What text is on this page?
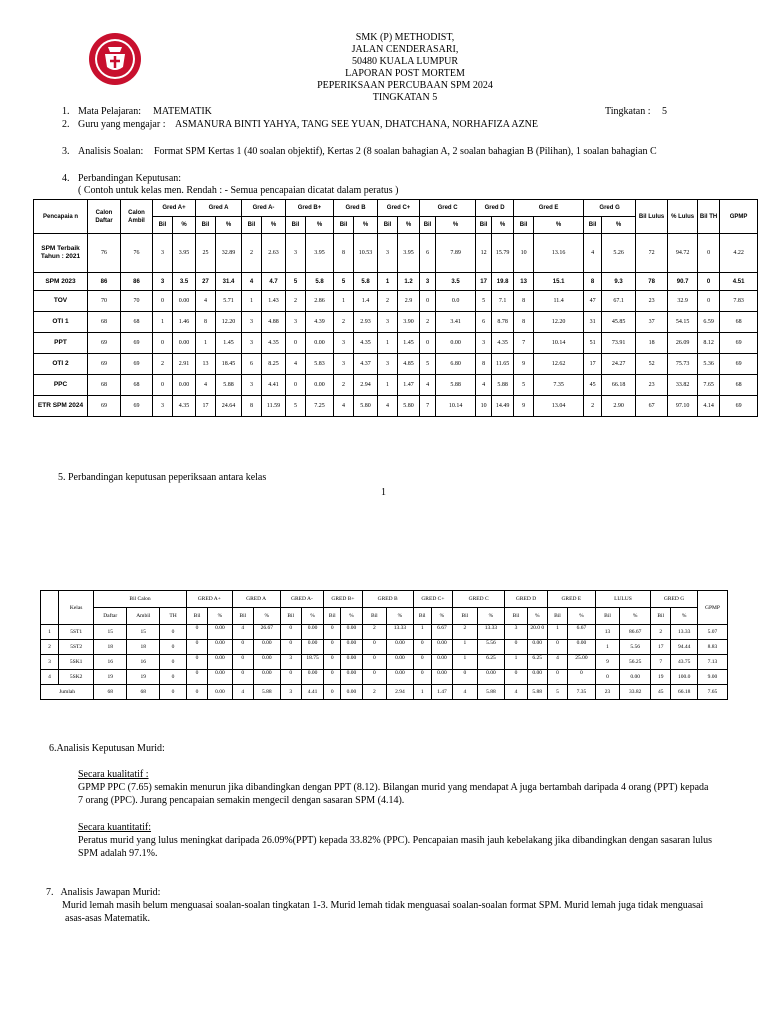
SMK (P) METHODIST,
JALAN CENDERASARI,
50480 KUALA LUMPUR
LAPORAN POST MORTEM
PEPERIKSAAN PERCUBAAN SPM 2024
TINGKATAN 5
1. Mata Pelajaran: MATEMATIK	Tingkatan : 5
2. Guru yang mengajar : ASMANURA BINTI YAHYA, TANG SEE YUAN, DHATCHANA, NORHAFIZA AZNE
3. Analisis Soalan: Format SPM Kertas 1 (40 soalan objektif), Kertas 2 (8 soalan bahagian A, 2 soalan bahagian B (Pilihan), 1 soalan bahagian C
4. Perbandingan Keputusan:
( Contoh untuk kelas men. Rendah : - Semua pencapaian dicatat dalam peratus )
Pencapaia n	Calon Daftar	Calon Ambil	Gred A+		Gred A		Gred A-		Gred B+		Gred B		Gred C+		Gred C		Gred D		Gred E		Gred G		Bil Lulus	% Lulus	Bil TH	GPMP
			Bil	%	Bil	%	Bil	%	Bil	%	Bil	%	Bil	%	Bil	%	Bil	%	Bil	%	Bil	%				
SPM Terbaik Tahun : 2021	76	76	3	3.95	25	32.89	2	2.63	3	3.95	8	10.53	3	3.95	6	7.89	12	15.79	10	13.16	4	5.26	72	94.72	0	4.22
SPM 2023	86	86	3	3.5	27	31.4	4	4.7	5	5.8	5	5.8	1	1.2	3	3.5	17	19.8	13	15.1	8	9.3	78	90.7	0	4.51
TOV	70	70	0	0.00	4	5.71	1	1.43	2	2.86	1	1.4	2	2.9	0	0.0	5	7.1	8	11.4	47	67.1	23	32.9	0	7.83
OTI 1	68	68	1	1.46	8	12.20	3	4.88	3	4.39	2	2.93	3	3.90	2	3.41	6	8.78	8	12.20	31	45.85	37	54.15	6.59	68
PPT	69	69	0	0.00	1	1.45	3	4.35	0	0.00	3	4.35	1	1.45	0	0.00	3	4.35	7	10.14	51	73.91	18	26.09	8.12	69
OTI 2	69	69	2	2.91	13	18.45	6	8.25	4	5.83	3	4.37	3	4.85	5	6.80	8	11.65	9	12.62	17	24.27	52	75.73	5.36	69
PPC	68	68	0	0.00	4	5.88	3	4.41	0	0.00	2	2.94	1	1.47	4	5.88	4	5.88	5	7.35	45	66.18	23	33.82	7.65	68
ETR SPM 2024	69	69	3	4.35	17	24.64	8	11.59	5	7.25	4	5.80	4	5.80	7	10.14	10	14.49	9	13.04	2	2.90	67	97.10	4.14	69
5. Perbandingan keputusan peperiksaan antara kelas
1
	Kelas	Bil Calon			GRED A+		GRED A		GRED A-		GRED B+		GRED B		GRED C+		GRED C		GRED D		GRED E		LULUS		GRED G		GPMP
		Daftar	Ambil	TH	Bil	%	Bil	%	Bil	%	Bil	%	Bil	%	Bil	%	Bil	%	Bil	%	Bil	%	Bil	%	Bil	%	
1	5ST1	15	15	0	0	0.00	4	26.67	0	0.00	0	0.00	2	13.33	1	6.67	2	13.33	3	20.0 0	1	6.67	13	86.67	2	13.33	5.07
2	5ST2	18	18	0	0	0.00	0	0.00	0	0.00	0	0.00	0	0.00	0	0.00	1	5.56	0	0.00	0	0.00	1	5.56	17	94.44	8.83
3	5SK1	16	16	0	0	0.00	0	0.00	3	18.75	0	0.00	0	0.00	0	0.00	1	6.25	1	6.25	4	25.00	9	56.25	7	43.75	7.13
4	5SK2	19	19	0	0	0.00	0	0.00	0	0.00	0	0.00	0	0.00	0	0.00	0	0.00	0	0.00	0	0	0	0.00	19	100.0	9.00
Jumlah		68	68	0	0	0.00	4	5.88	3	4.41	0	0.00	2	2.94	1	1.47	4	5.88	4	5.88	5	7.35	23	33.82	45	66.18	7.65
6.Analisis Keputusan Murid:
Secara kualitatif :
GPMP PPC (7.65) semakin menurun jika dibandingkan dengan PPT (8.12). Bilangan murid yang mendapat A juga bertambah daripada 4 orang (PPT) kepada
7 orang (PPC). Jurang pencapaian semakin mengecil dengan sasaran SPM (4.14).
Secara kuantitatif:
Peratus murid yang lulus meningkat daripada 26.09%(PPT) kepada 33.82% (PPC). Pencapaian masih jauh kebelakang jika dibandingkan dengan sasaran lulus
SPM adalah 97.1%.
7.   Analisis Jawapan Murid:
Murid lemah masih belum menguasai soalan-soalan tingkatan 1-3. Murid lemah tidak menguasai soalan-soalan format SPM. Murid lemah juga tidak menguasai
asas-asas Matematik.
